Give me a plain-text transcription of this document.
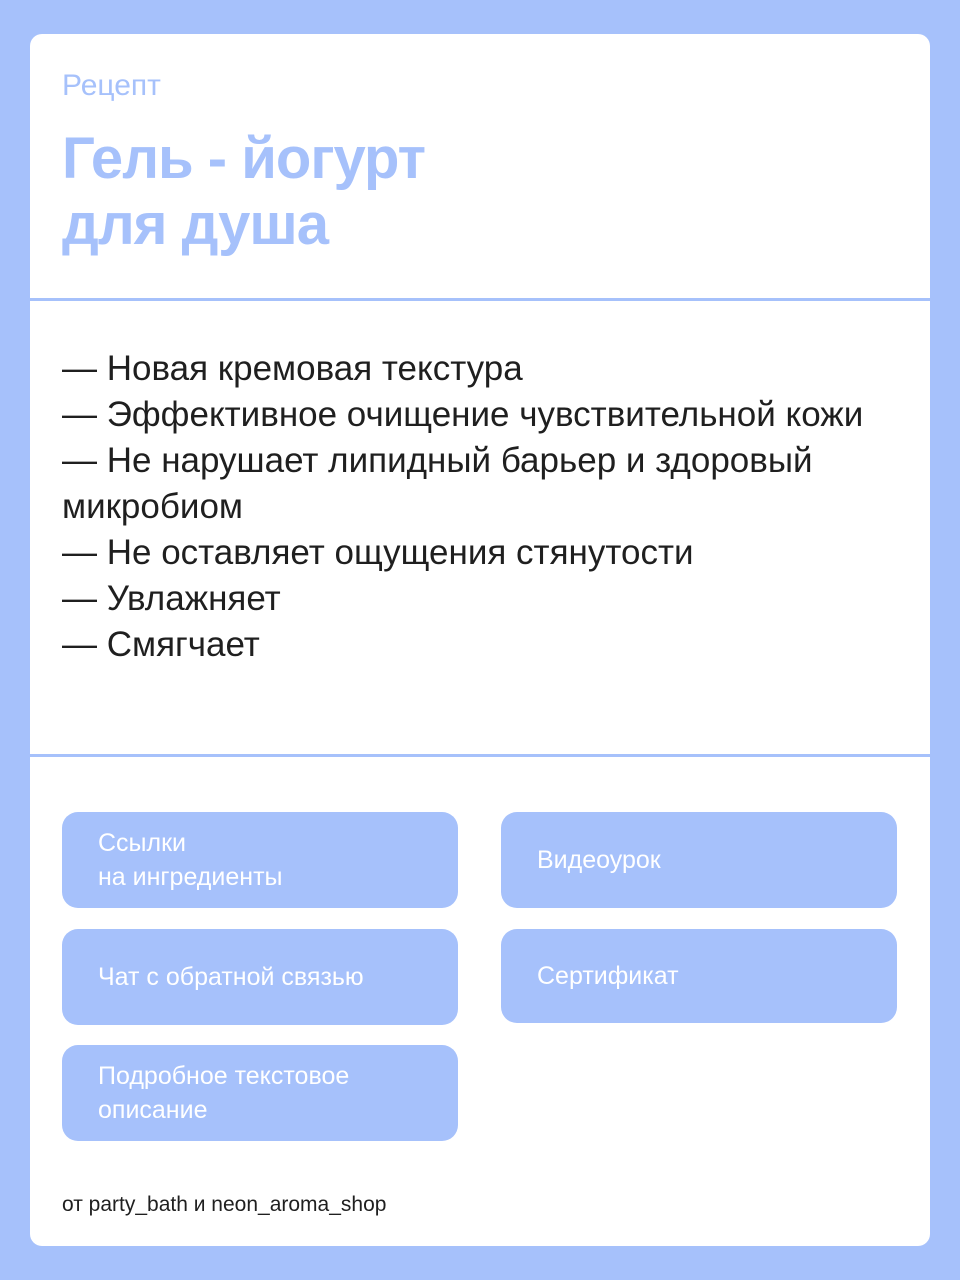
Рецепт
Гель - йогурт
для душа
— Новая кремовая текстура
— Эффективное очищение чувствительной кожи
— Не нарушает липидный барьер и здоровый микробиом
— Не оставляет ощущения стянутости
— Увлажняет
— Смягчает
Ссылки
на ингредиенты
Видеоурок
Чат с обратной связью	Сертификат
Подробное текстовое
описание
от party_bath и neon_aroma_shop
